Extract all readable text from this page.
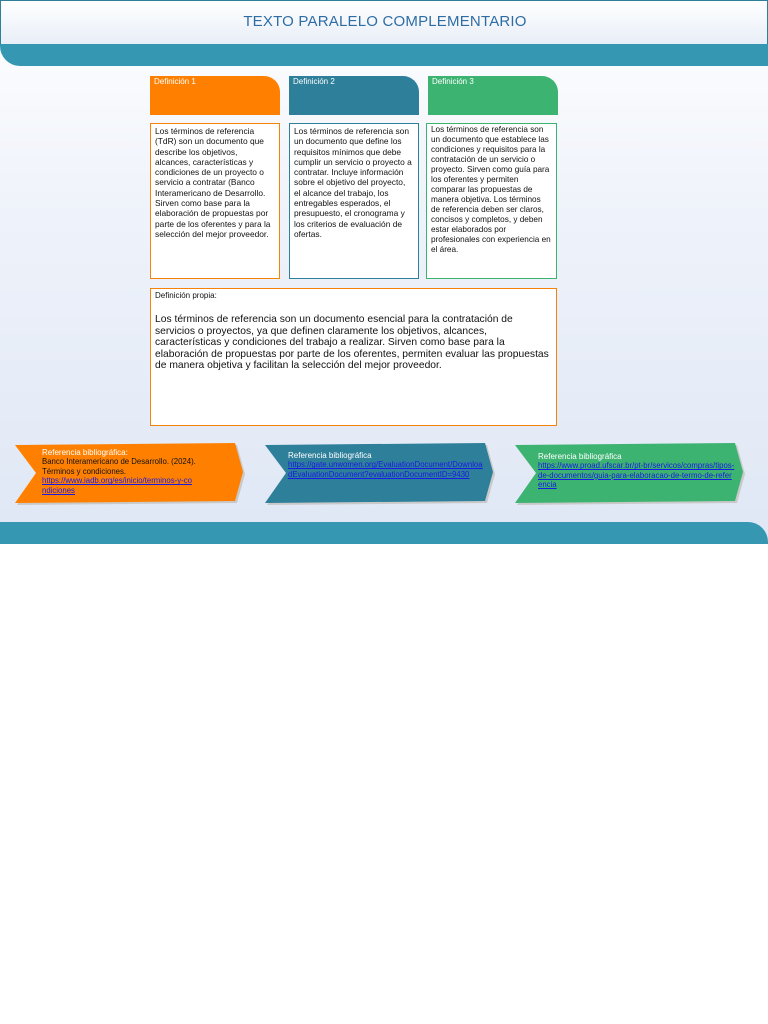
TEXTO PARALELO COMPLEMENTARIO
Definición 1	Definición 2	Definición 3
Los términos de referencia (TdR) son un documento que describe los objetivos, alcances, características y condiciones de un proyecto o servicio a contratar (Banco Interamericano de Desarrollo. Sirven como base para la elaboración de propuestas por parte de los oferentes y para la selección del mejor proveedor.
Los términos de referencia son un documento que define los requisitos mínimos que debe cumplir un servicio o proyecto a contratar. Incluye información sobre el objetivo del proyecto, el alcance del trabajo, los entregables esperados, el presupuesto, el cronograma y los criterios de evaluación de ofertas.
Los términos de referencia son un documento que establece las condiciones y requisitos para la contratación de un servicio o proyecto. Sirven como guía para los oferentes y permiten comparar las propuestas de manera objetiva. Los términos de referencia deben ser claros, concisos y completos, y deben estar elaborados por profesionales con experiencia en el área.
Definición propia:
Los términos de referencia son un documento esencial para la contratación de servicios o proyectos, ya que definen claramente los objetivos, alcances, características y condiciones del trabajo a realizar. Sirven como base para la elaboración de propuestas por parte de los oferentes, permiten evaluar las propuestas de manera objetiva y facilitan la selección del mejor proveedor.
Referencia bibliográfica:
Banco Interamericano de Desarrollo. (2024).
Términos y condiciones.
https://www.iadb.org/es/inicio/terminos-y-condiciones
Referencia bibliográfica
https://gate.unwomen.org/EvaluationDocument/DownloadEvaluationDocument?evaluationDocumentID=9430
Referencia bibliográfica
https://www.proad.ufscar.br/pt-br/servicos/compras/tipos-de-documentos/guia-para-elaboracao-de-termo-de-referencia
